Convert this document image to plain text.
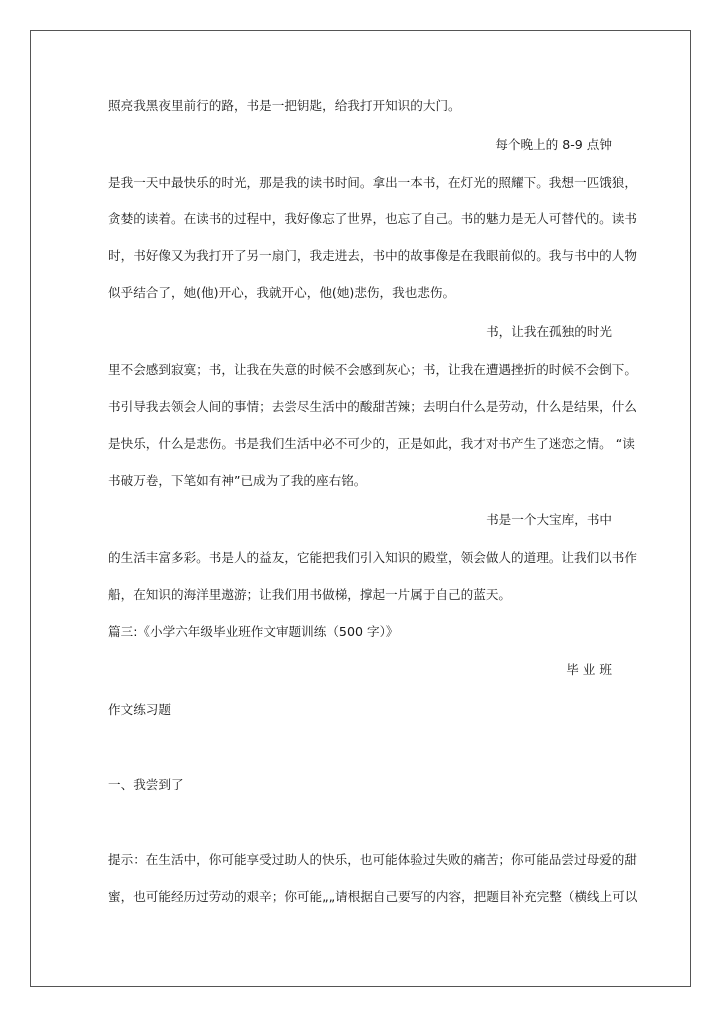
照亮我黑夜里前行的路，书是一把钥匙，给我打开知识的大门。

每个晚上的 8-9 点钟

是我一天中最快乐的时光，那是我的读书时间。拿出一本书，在灯光的照耀下。我想一匹饿狼，

贪婪的读着。在读书的过程中，我好像忘了世界，也忘了自己。书的魅力是无人可替代的。读书

时，书好像又为我打开了另一扇门，我走进去，书中的故事像是在我眼前似的。我与书中的人物

似乎结合了，她(他)开心，我就开心，他(她)悲伤，我也悲伤。

书，让我在孤独的时光

里不会感到寂寞；书，让我在失意的时候不会感到灰心；书，让我在遭遇挫折的时候不会倒下。

书引导我去领会人间的事情；去尝尽生活中的酸甜苦辣；去明白什么是劳动，什么是结果，什么

是快乐，什么是悲伤。书是我们生活中必不可少的，正是如此，我才对书产生了迷恋之情。 “读

书破万卷，下笔如有神”已成为了我的座右铭。

书是一个大宝库，书中

的生活丰富多彩。书是人的益友，它能把我们引入知识的殿堂，领会做人的道理。让我们以书作

船，在知识的海洋里遨游；让我们用书做梯，撑起一片属于自己的蓝天。

篇三:《小学六年级毕业班作文审题训练（500 字）》

毕 业 班

作文练习题

一、我尝到了

提示：在生活中，你可能享受过助人的快乐，也可能体验过失败的痛苦；你可能品尝过母爱的甜

蜜，也可能经历过劳动的艰辛；你可能„„请根据自己要写的内容，把题目补充完整（横线上可以
